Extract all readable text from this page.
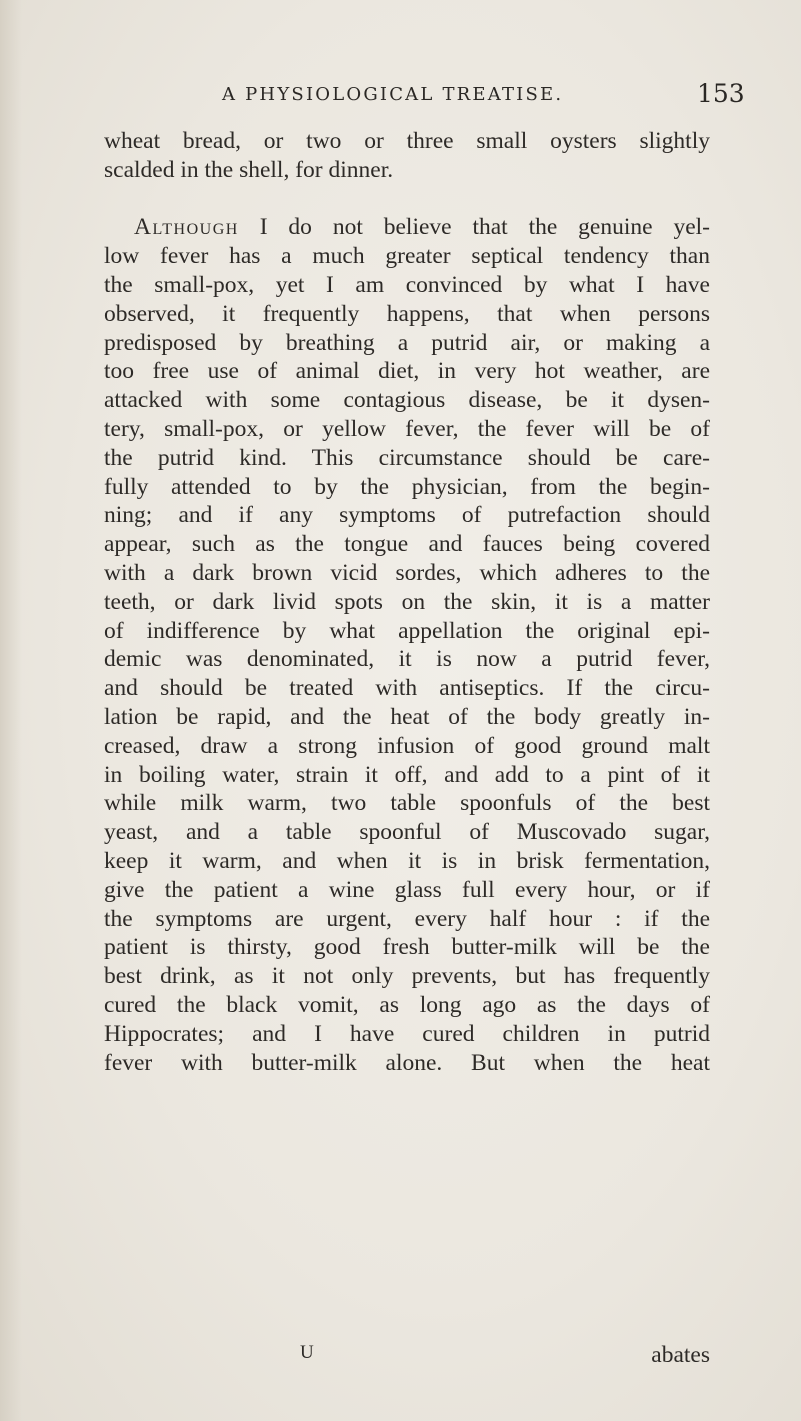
A PHYSIOLOGICAL TREATISE.	153
wheat bread, or two or three small oysters slightly
scalded in the shell, for dinner.
Although I do not believe that the genuine yel-
low fever has a much greater septical tendency than
the small-pox, yet I am convinced by what I have
observed, it frequently happens, that when persons
predisposed by breathing a putrid air, or making a
too free use of animal diet, in very hot weather, are
attacked with some contagious disease, be it dysen-
tery, small-pox, or yellow fever, the fever will be of
the putrid kind. This circumstance should be care-
fully attended to by the physician, from the begin-
ning; and if any symptoms of putrefaction should
appear, such as the tongue and fauces being covered
with a dark brown vicid sordes, which adheres to the
teeth, or dark livid spots on the skin, it is a matter
of indifference by what appellation the original epi-
demic was denominated, it is now a putrid fever,
and should be treated with antiseptics. If the circu-
lation be rapid, and the heat of the body greatly in-
creased, draw a strong infusion of good ground malt
in boiling water, strain it off, and add to a pint of it
while milk warm, two table spoonfuls of the best
yeast, and a table spoonful of Muscovado sugar,
keep it warm, and when it is in brisk fermentation,
give the patient a wine glass full every hour, or if
the symptoms are urgent, every half hour : if the
patient is thirsty, good fresh butter-milk will be the
best drink, as it not only prevents, but has frequently
cured the black vomit, as long ago as the days of
Hippocrates; and I have cured children in putrid
fever with butter-milk alone. But when the heat
U	abates
